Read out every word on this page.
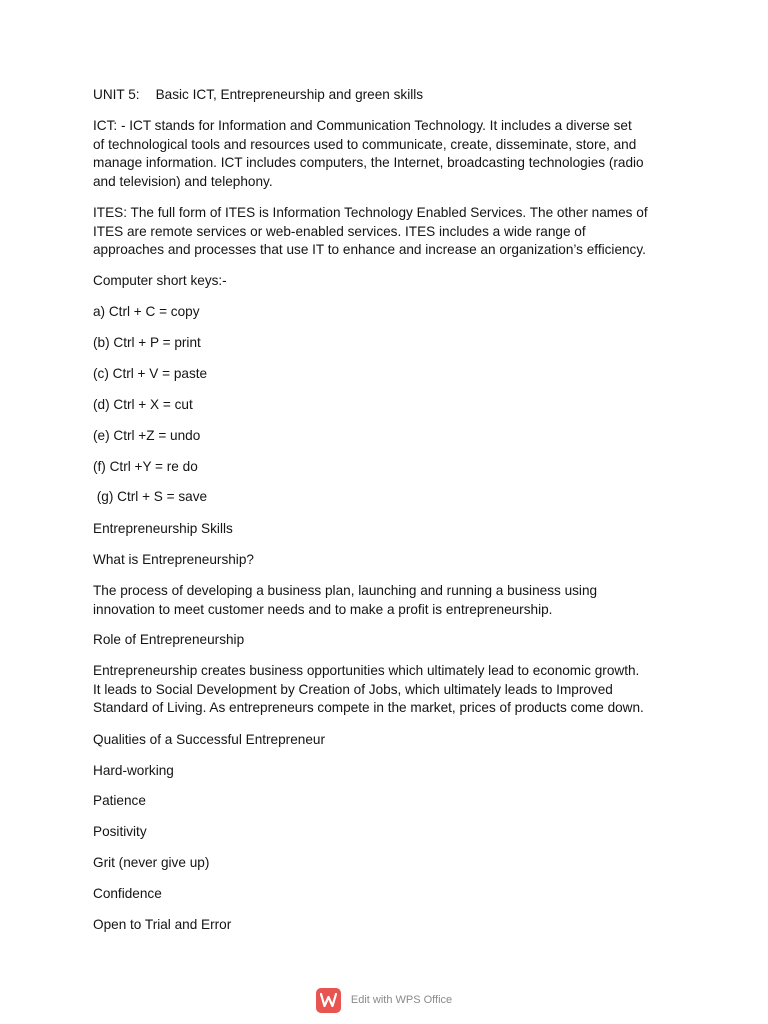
UNIT 5: Basic ICT, Entrepreneurship and green skills
ICT: - ICT stands for Information and Communication Technology. It includes a diverse set
of technological tools and resources used to communicate, create, disseminate, store, and
manage information. ICT includes computers, the Internet, broadcasting technologies (radio
and television) and telephony.
ITES: The full form of ITES is Information Technology Enabled Services. The other names of
ITES are remote services or web-enabled services. ITES includes a wide range of
approaches and processes that use IT to enhance and increase an organization’s efficiency.
Computer short keys:-
a) Ctrl + C = copy
(b) Ctrl + P = print
(c) Ctrl + V = paste
(d) Ctrl + X = cut
(e) Ctrl +Z = undo
(f) Ctrl +Y = re do
(g) Ctrl + S = save
Entrepreneurship Skills
What is Entrepreneurship?
The process of developing a business plan, launching and running a business using
innovation to meet customer needs and to make a profit is entrepreneurship.
Role of Entrepreneurship
Entrepreneurship creates business opportunities which ultimately lead to economic growth.
It leads to Social Development by Creation of Jobs, which ultimately leads to Improved
Standard of Living. As entrepreneurs compete in the market, prices of products come down.
Qualities of a Successful Entrepreneur
Hard-working
Patience
Positivity
Grit (never give up)
Confidence
Open to Trial and Error
Edit with WPS Office
